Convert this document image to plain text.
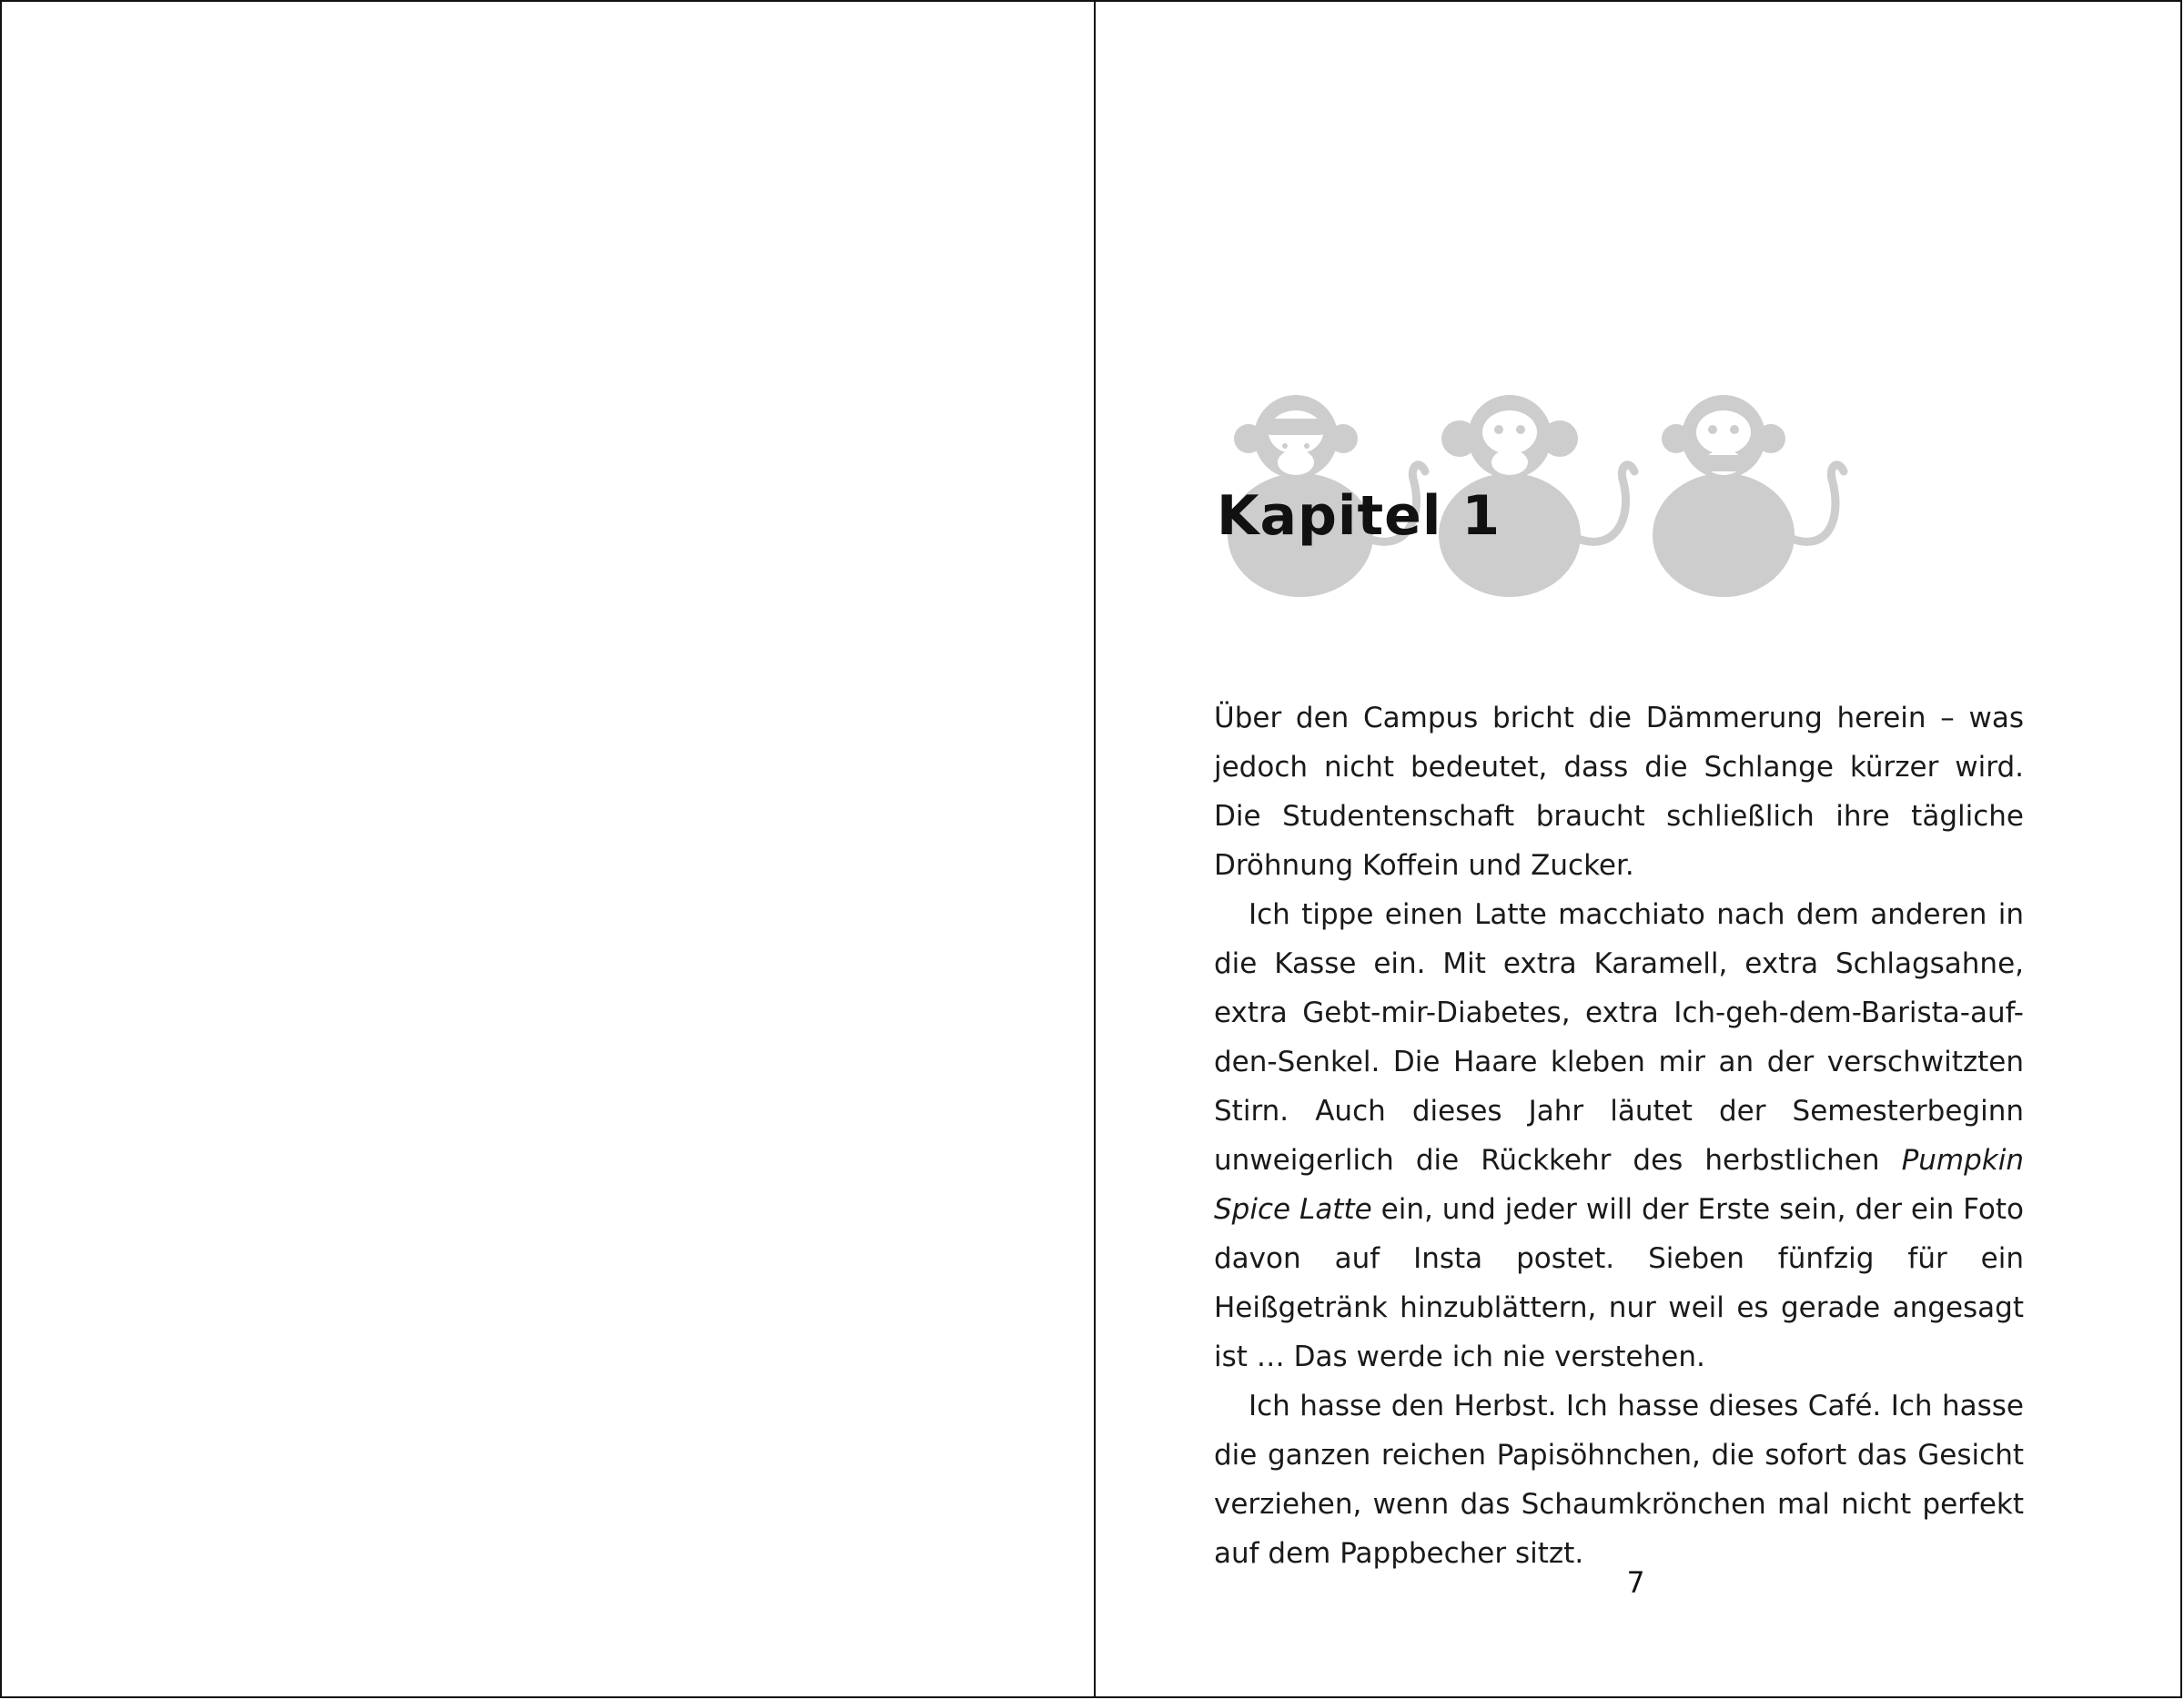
Kapitel 1

Über den Campus bricht die Dämmerung herein – was jedoch nicht bedeutet, dass die Schlange kürzer wird. Die Studentenschaft braucht schließlich ihre tägliche Dröhnung Koffein und Zucker.

Ich tippe einen Latte macchiato nach dem anderen in die Kasse ein. Mit extra Karamell, extra Schlagsahne, extra Gebt-mir-Diabetes, extra Ich-geh-dem-Barista-auf-den-Senkel. Die Haare kleben mir an der verschwitzten Stirn. Auch dieses Jahr läutet der Semesterbeginn unweigerlich die Rückkehr des herbstlichen Pumpkin Spice Latte ein, und jeder will der Erste sein, der ein Foto davon auf Insta postet. Sieben fünfzig für ein Heißgetränk hinzublättern, nur weil es gerade angesagt ist … Das werde ich nie verstehen.

Ich hasse den Herbst. Ich hasse dieses Café. Ich hasse die ganzen reichen Papisöhnchen, die sofort das Gesicht verziehen, wenn das Schaumkrönchen mal nicht perfekt auf dem Pappbecher sitzt.

7
